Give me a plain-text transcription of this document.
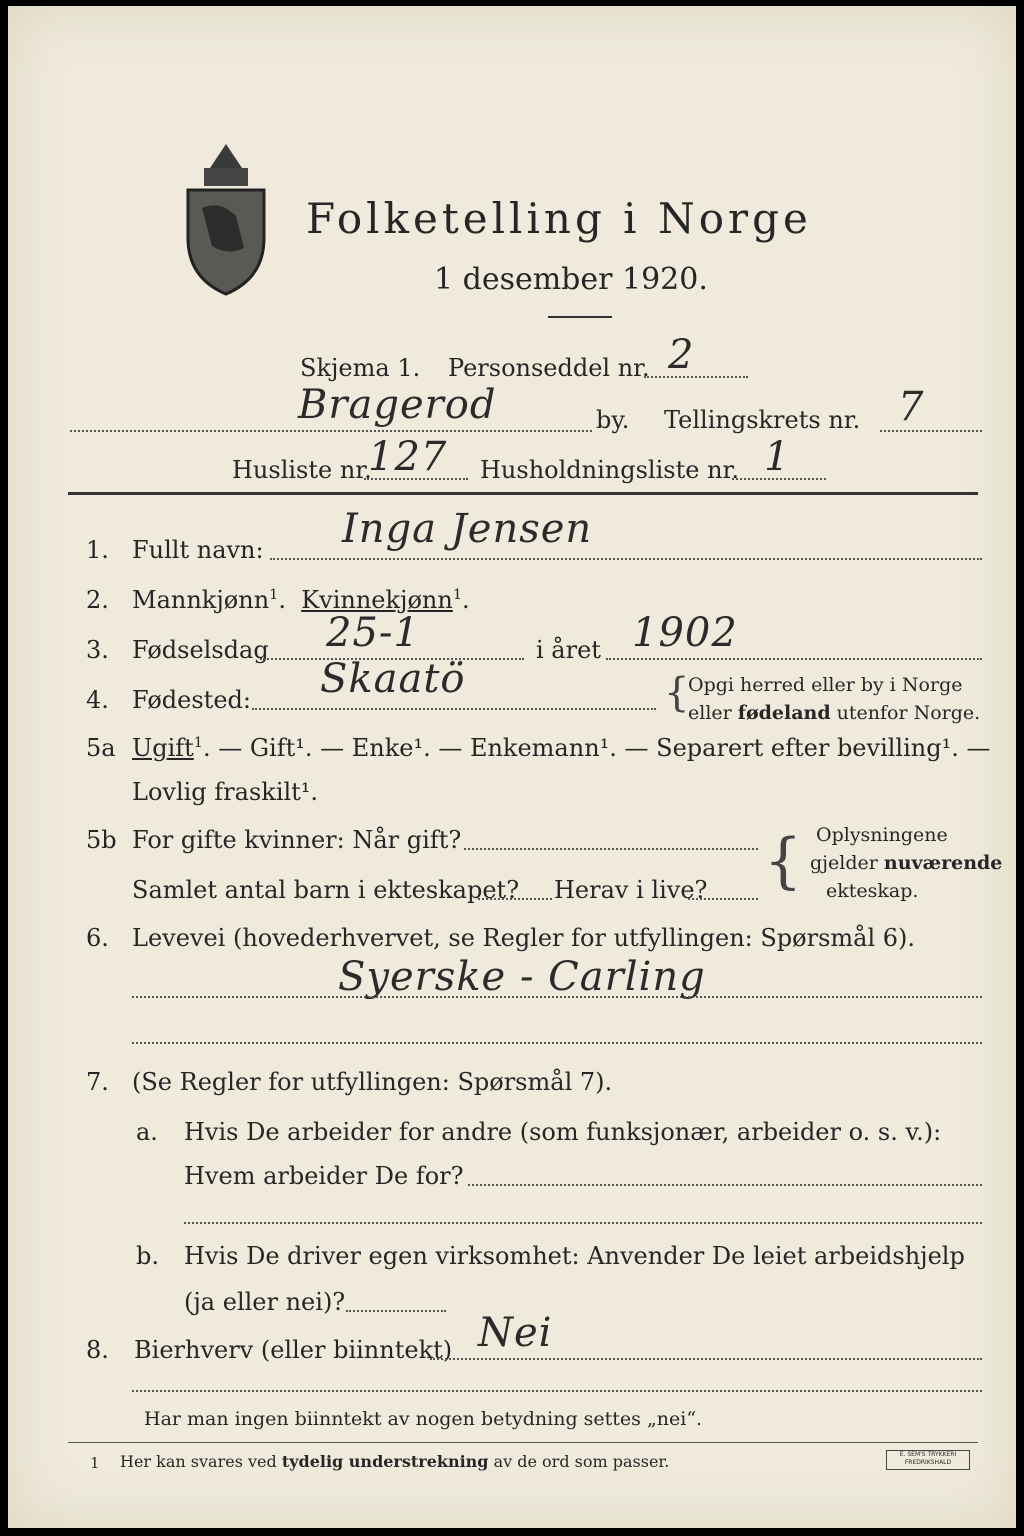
Folketelling i Norge
1 desember 1920.
Skjema 1. Personseddel nr. 2
Bragerod	by. Tellingskrets nr. 7
Husliste nr.
127 Husholdningsliste nr. 1
1. Fullt navn: Inga Jensen
2. Mannkjønn$^1$.  Kvinnekjønn$^1$.
3. Fødselsdag 25-1	i året 1902
4. Fødested: Skaatö	{
Opgi herred eller by i Norge
eller fødeland utenfor Norge.
5a Ugift$^1$. — Gift¹. — Enke¹. — Enkemann¹. — Separert efter bevilling¹. —
Lovlig fraskilt¹.
5b For gifte kvinner: Når gift?
Samlet antal barn i ekteskapet? Herav i live? { Oplysningene
gjelder nuværende
ekteskap.
6. Levevei (hovederhvervet, se Regler for utfyllingen: Spørsmål 6).
Syerske - Carling
7. (Se Regler for utfyllingen: Spørsmål 7).
a. Hvis De arbeider for andre (som funksjonær, arbeider o. s. v.):
Hvem arbeider De for?
b. Hvis De driver egen virksomhet: Anvender De leiet arbeidshjelp
(ja eller nei)?
8. Bierhverv (eller biinntekt) Nei
Har man ingen biinntekt av nogen betydning settes „nei“.
1 Her kan svares ved tydelig understrekning av de ord som passer.	E. SEM'S TRYKKERI FREDRIKSHALD
